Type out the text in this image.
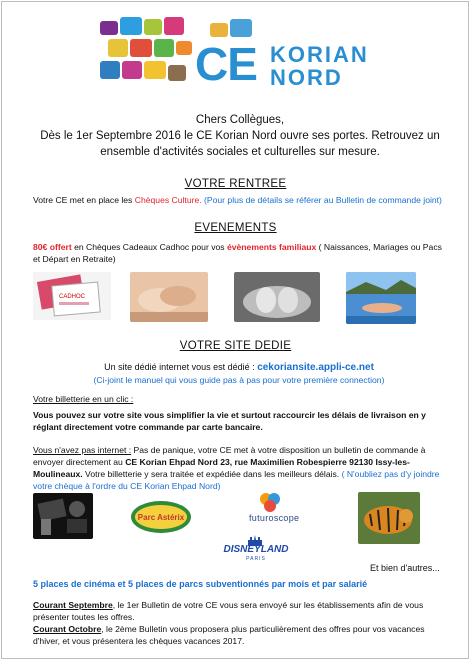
CE KORIAN
NORD
Chers Collègues,
Dès le 1er Septembre 2016 le CE Korian Nord ouvre ses portes. Retrouvez un ensemble d'activités sociales et culturelles sur mesure.
VOTRE RENTREE
Votre CE met en place les Chèques Culture. (Pour plus de détails se référer au Bulletin de commande joint)
EVENEMENTS
80€ offert en Chèques Cadeaux Cadhoc pour vos évènements familiaux ( Naissances, Mariages ou Pacs et Départ en Retraite)
CADHOC
VOTRE SITE DEDIE
Un site dédié internet vous est dédié : cekoriansite.appli-ce.net
(Ci-joint le manuel qui vous guide pas à pas pour votre première connection)
Votre billetterie en un clic :
Vous pouvez sur votre site vous simplifier la vie et surtout raccourcir les délais de livraison en y réglant directement votre commande par carte bancaire.
Vous n'avez pas internet : Pas de panique, votre CE met à votre disposition un bulletin de commande à envoyer directement au CE Korian Ehpad Nord 23, rue Maximilien Robespierre 92130 Issy-les-Moulineaux. Votre billetterie y sera traitée et expédiée dans les meilleurs délais. ( N'oubliez pas d'y joindre votre chèque à l'ordre du CE Korian Ehpad Nord)
Parc Astérix	futuroscope
DISNEYLAND
PARIS
Et bien d'autres...
5 places de cinéma et 5 places de parcs subventionnés par mois et par salarié
Courant Septembre, le 1er Bulletin de votre CE vous sera envoyé sur les établissements afin de vous présenter toutes les offres.
Courant Octobre, le 2ème Bulletin vous proposera plus particulièrement des offres pour vos vacances d'hiver, et vous présentera les chèques vacances 2017.
